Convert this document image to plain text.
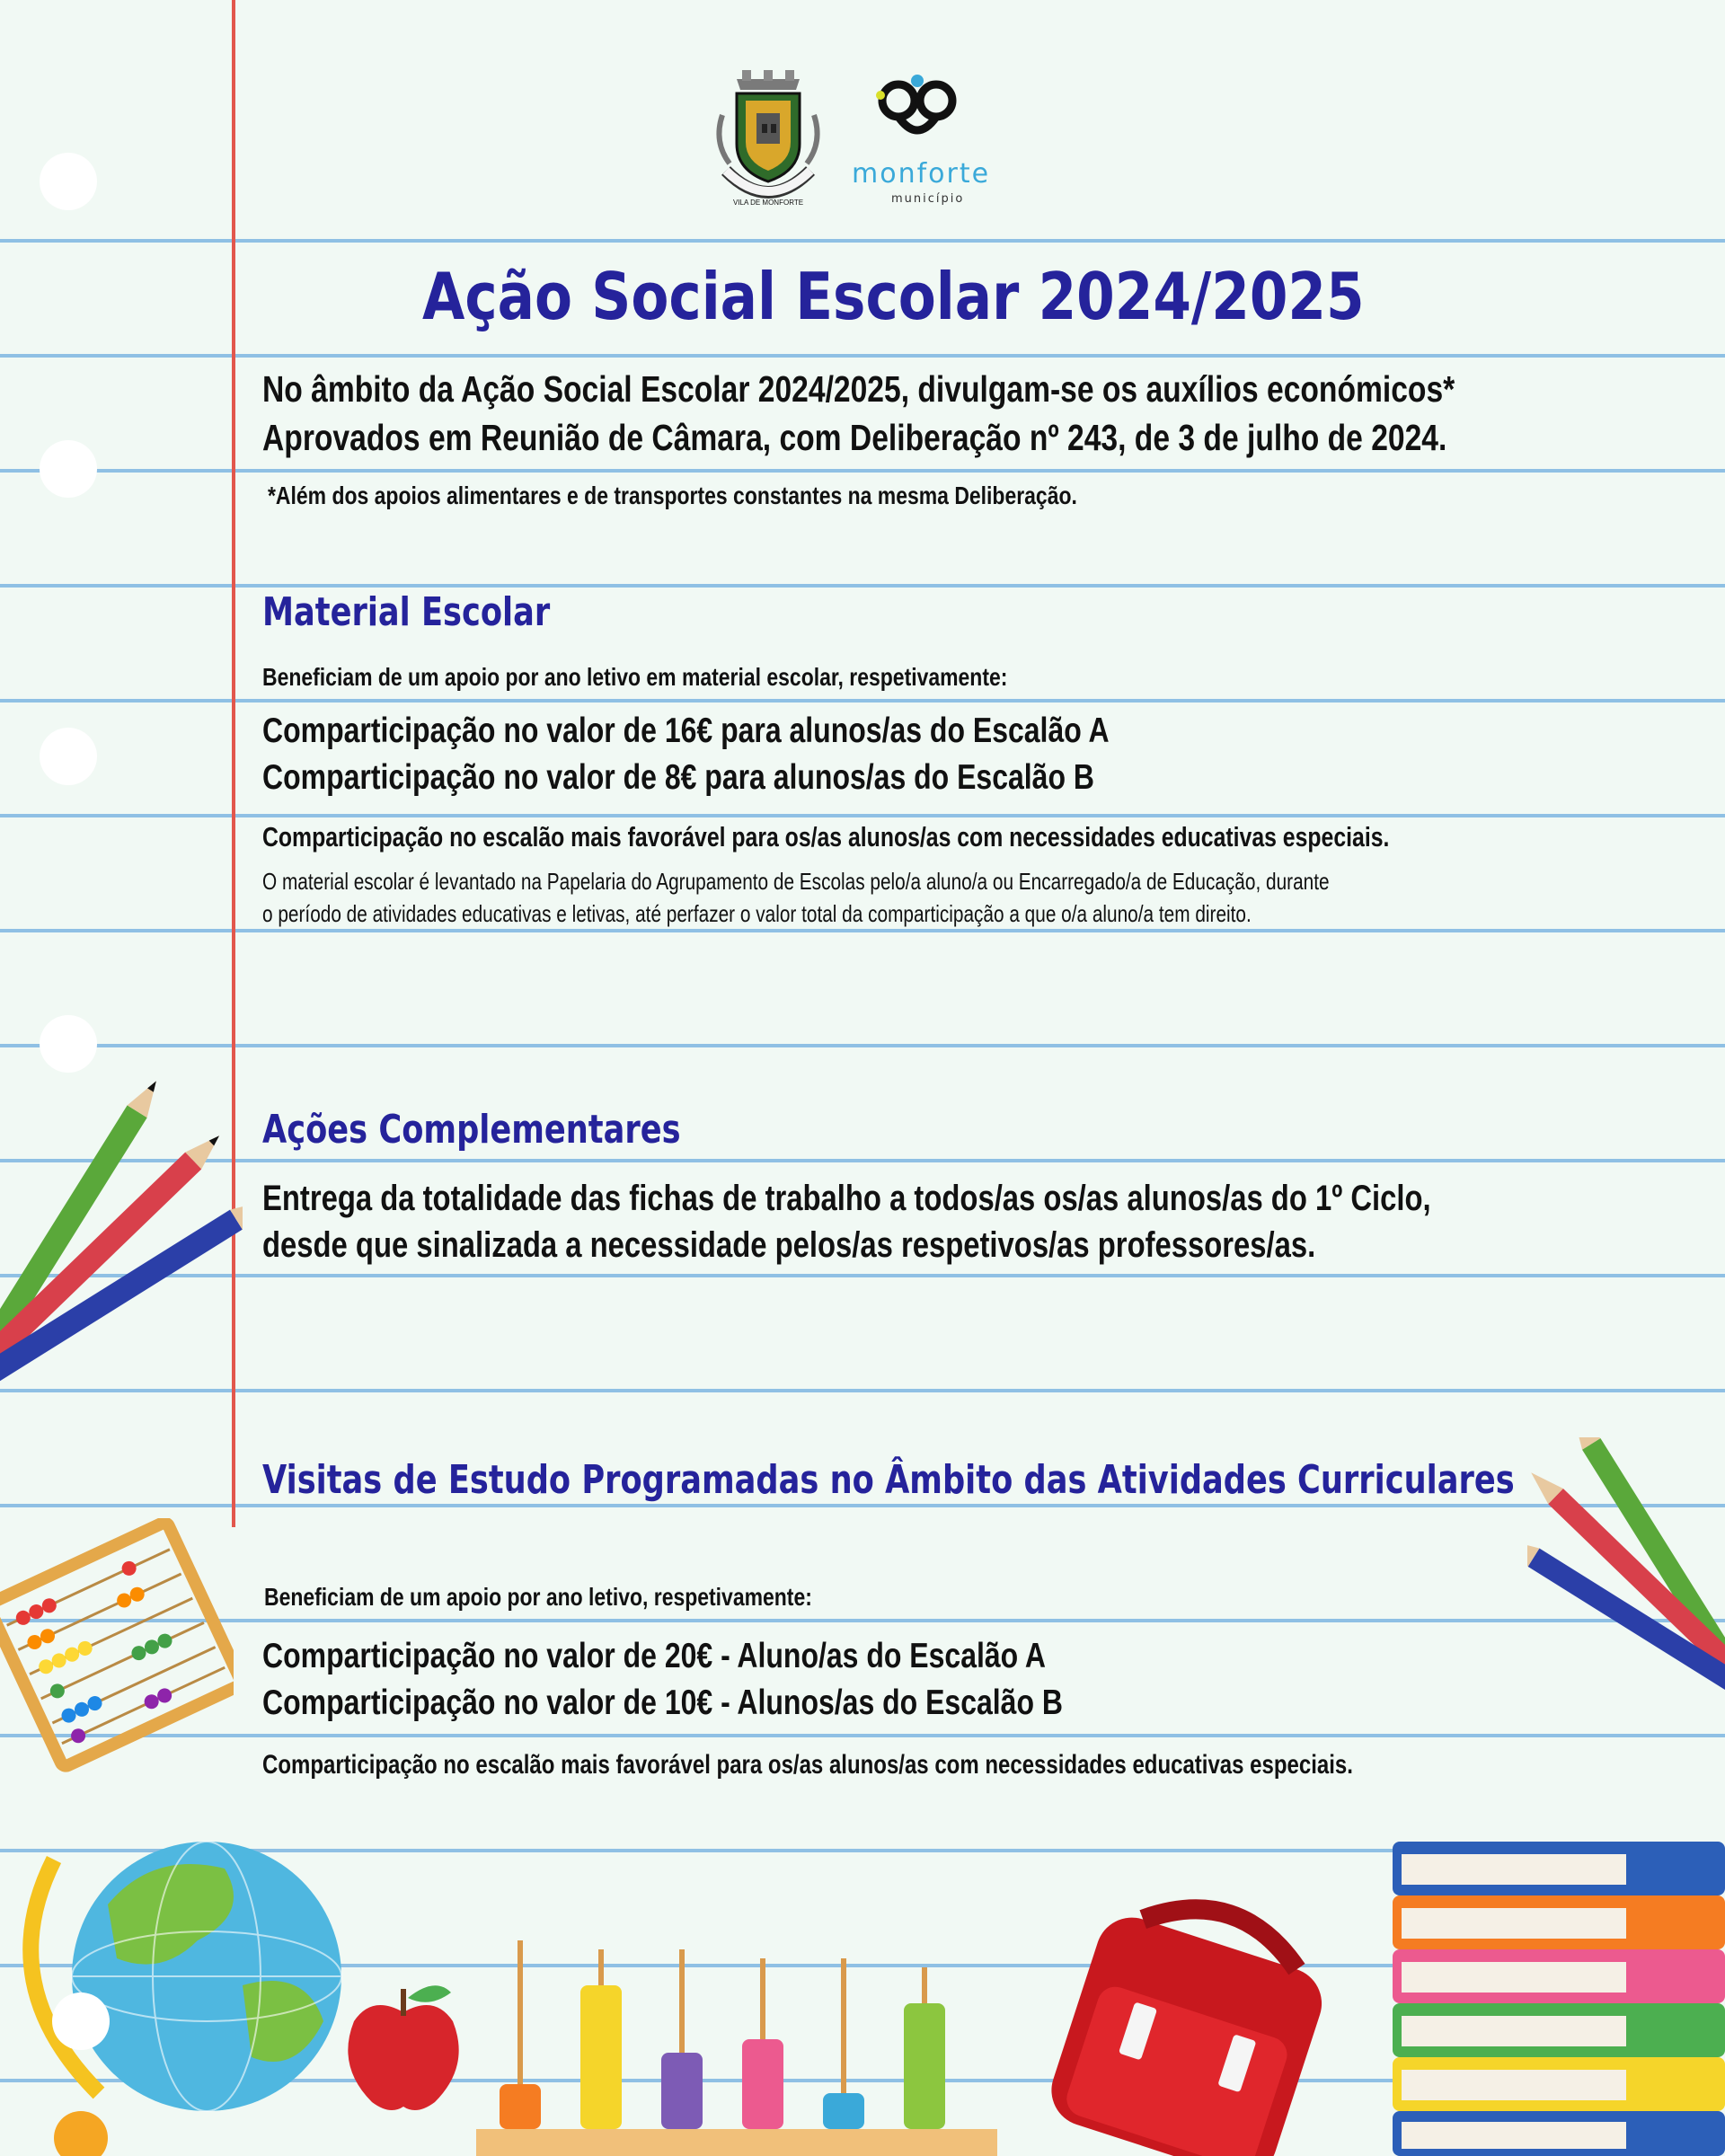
VILA DE MONFORTE
monforte
município
Ação Social Escolar 2024/2025
No âmbito da Ação Social Escolar 2024/2025, divulgam-se os auxílios económicos*
Aprovados em Reunião de Câmara, com Deliberação nº 243, de 3 de julho de 2024.
*Além dos apoios alimentares e de transportes constantes na mesma Deliberação.
Material Escolar
Beneficiam de um apoio por ano letivo em material escolar, respetivamente:
Comparticipação no valor de 16€ para alunos/as do Escalão A
Comparticipação no valor de 8€ para alunos/as do Escalão B
Comparticipação no escalão mais favorável para os/as alunos/as com necessidades educativas especiais.
O material escolar é levantado na Papelaria do Agrupamento de Escolas pelo/a aluno/a ou Encarregado/a de Educação, durante
o período de atividades educativas e letivas, até perfazer o valor total da comparticipação a que o/a aluno/a tem direito.
Ações Complementares
Entrega da totalidade das fichas de trabalho a todos/as os/as alunos/as do 1º Ciclo,
desde que sinalizada a necessidade pelos/as respetivos/as professores/as.
Visitas de Estudo Programadas no Âmbito das Atividades Curriculares
Beneficiam de um apoio por ano letivo, respetivamente:
Comparticipação no valor de 20€ - Aluno/as do Escalão A
Comparticipação no valor de 10€ - Alunos/as do Escalão B
Comparticipação no escalão mais favorável para os/as alunos/as com necessidades educativas especiais.
